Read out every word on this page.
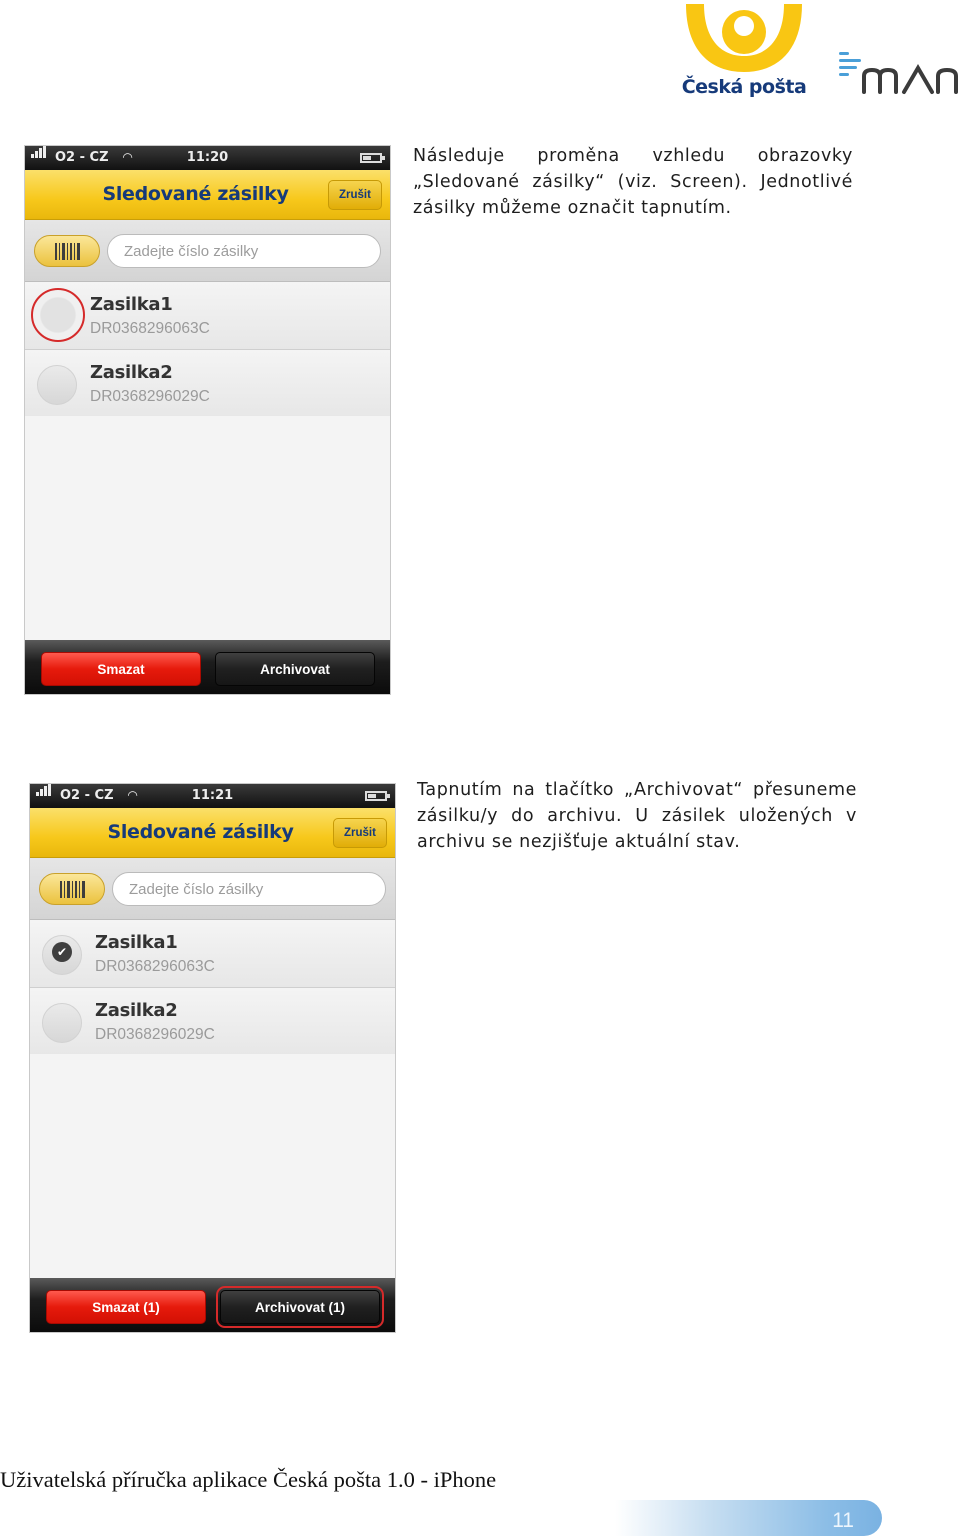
Česká pošta
O2 - CZ ◠	11:20
Sledované zásilky	Zrušit
Zadejte číslo zásilky
Zasilka1
DR0368296063C
Zasilka2
DR0368296029C
Smazat	Archivovat

Následuje proměna vzhledu obrazovky „Sledované zásilky“ (viz. Screen). Jednotlivé zásilky můžeme označit tapnutím.

O2 - CZ ◠	11:21
Sledované zásilky	Zrušit
Zadejte číslo zásilky
✔
Zasilka1
DR0368296063C
Zasilka2
DR0368296029C
Smazat (1)	Archivovat (1)

Tapnutím na tlačítko „Archivovat“ přesuneme zásilku/y do archivu. U zásilek uložených v archivu se nezjišťuje aktuální stav.

Uživatelská příručka aplikace Česká pošta 1.0 - iPhone
11
